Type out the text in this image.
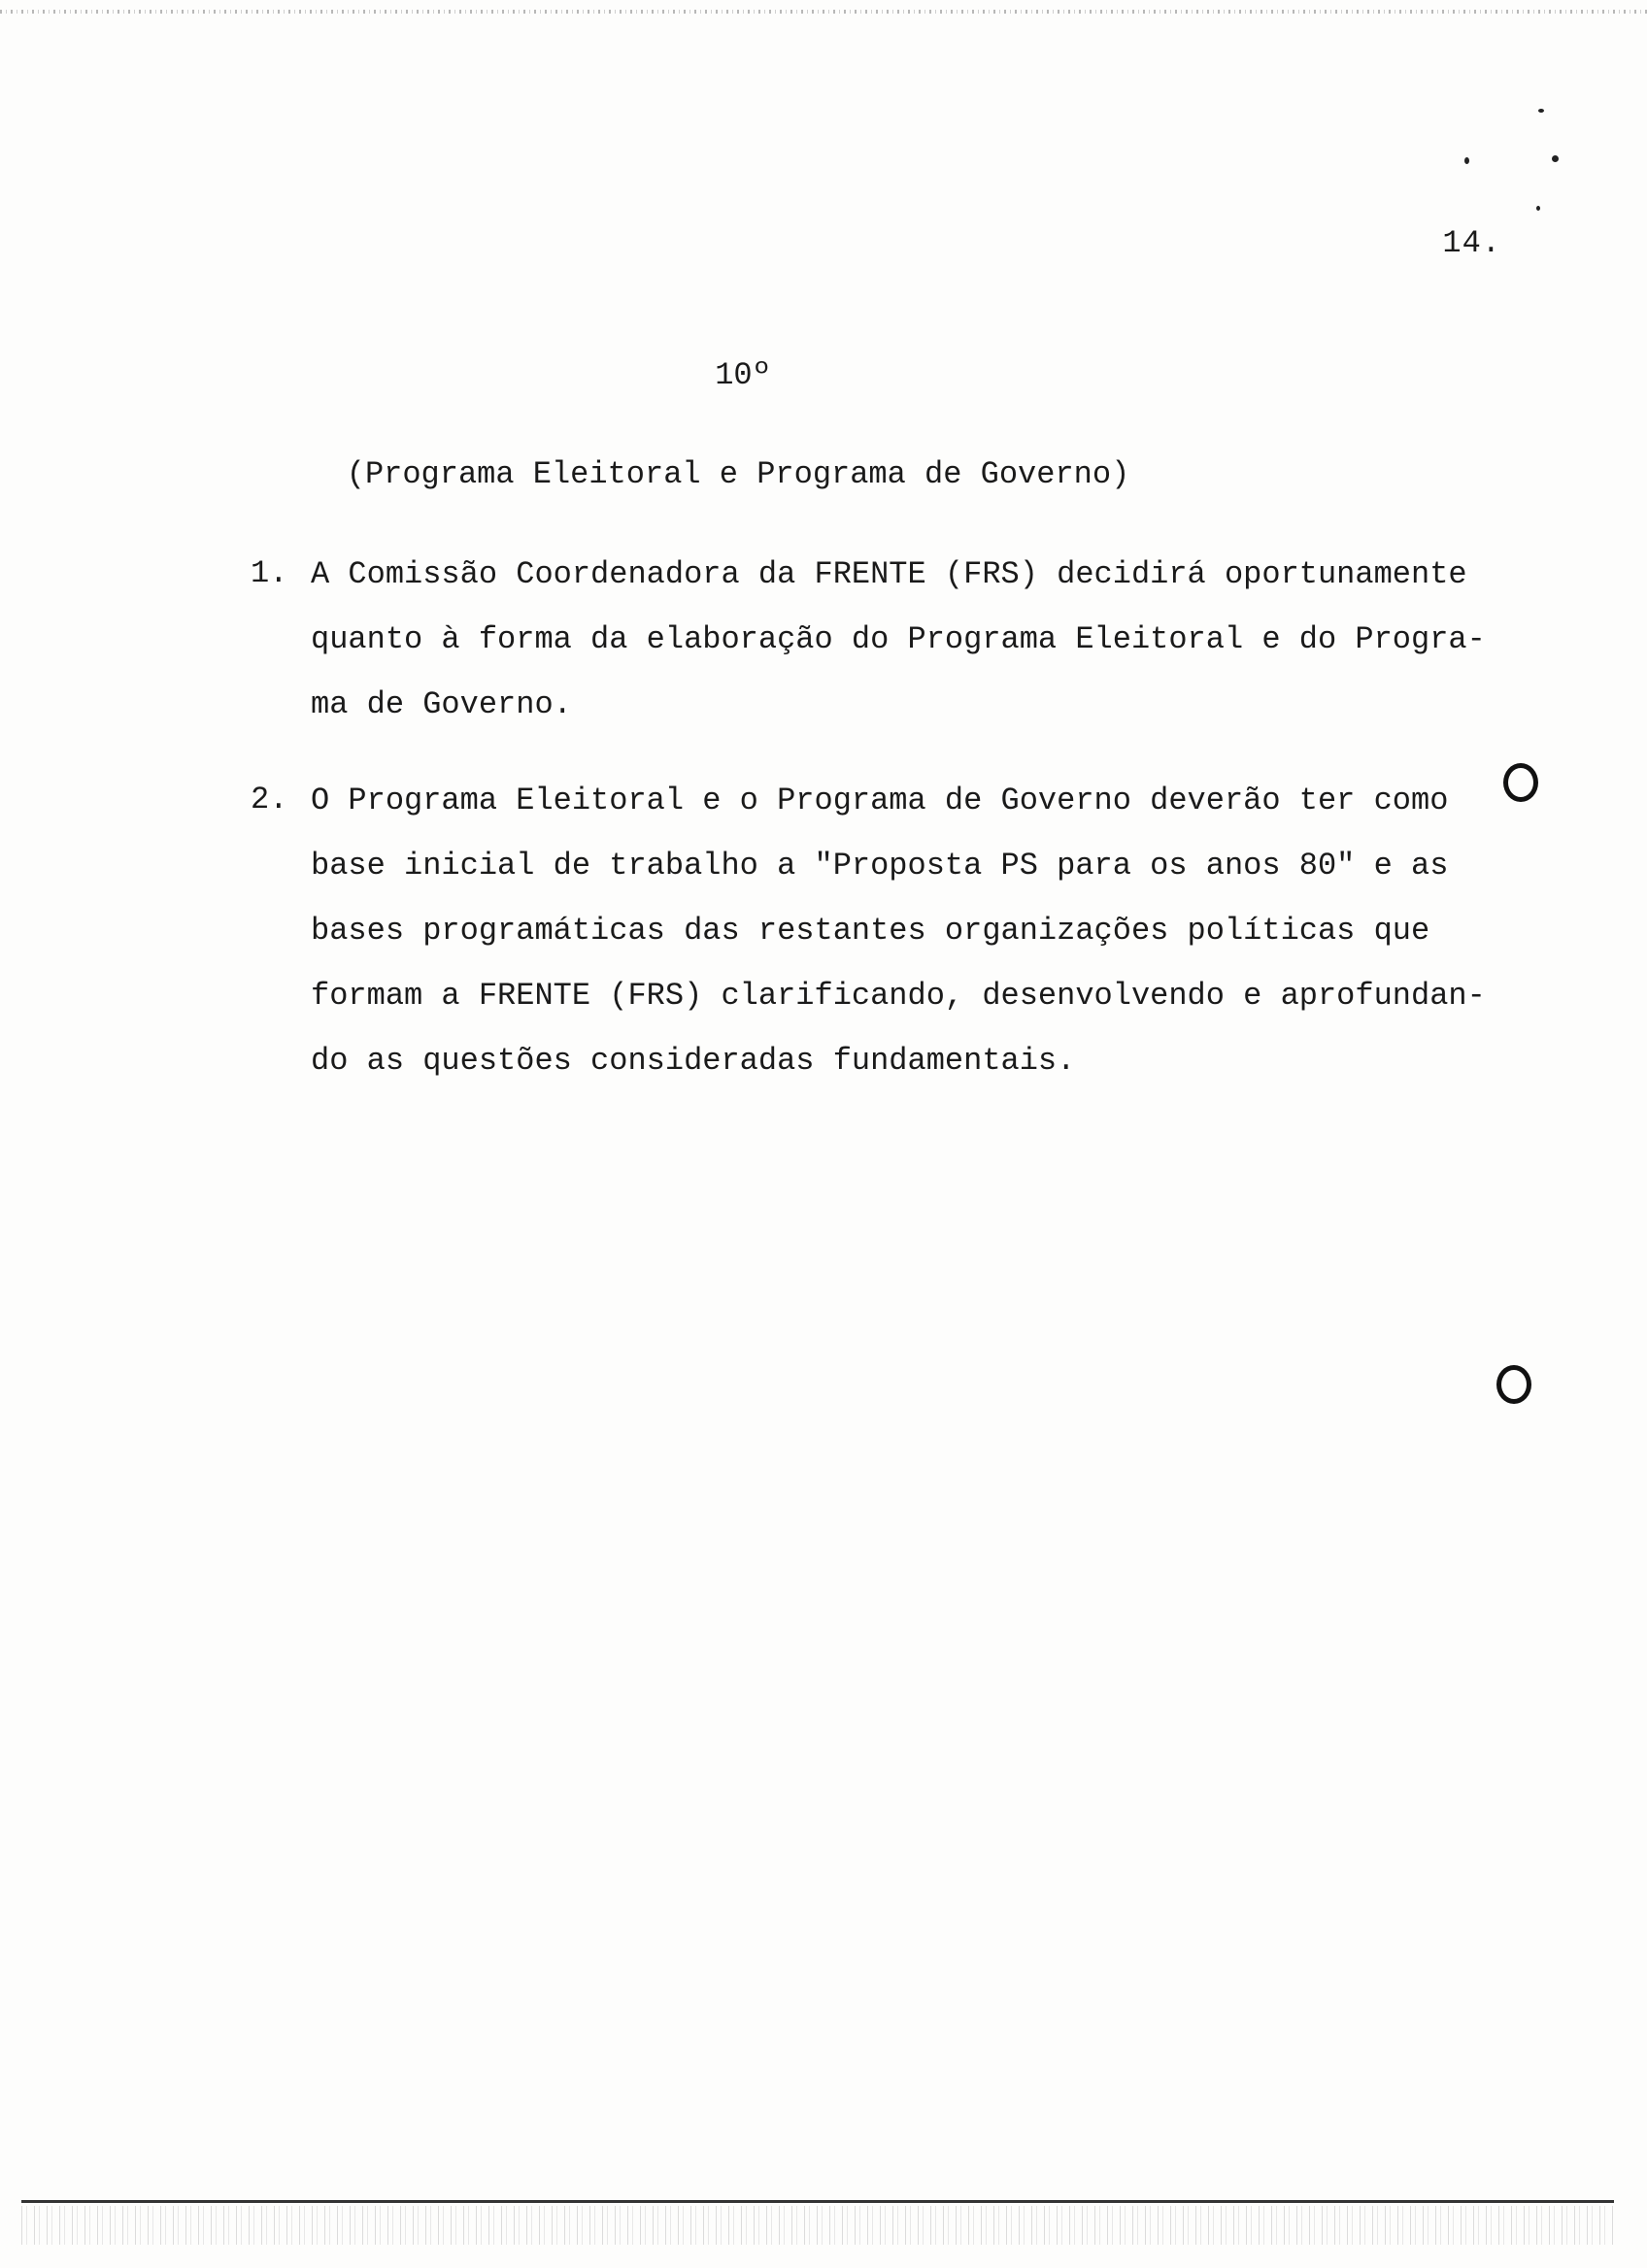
14.
10º
(Programa Eleitoral e Programa de Governo)
1. A Comissão Coordenadora da FRENTE (FRS) decidirá oportunamente
quanto à forma da elaboração do Programa Eleitoral e do Progra-
ma de Governo.
2. O Programa Eleitoral e o Programa de Governo deverão ter como
base inicial de trabalho a "Proposta PS para os anos 80" e as
bases programáticas das restantes organizações políticas que
formam a FRENTE (FRS) clarificando, desenvolvendo e aprofundan-
do as questões consideradas fundamentais.
